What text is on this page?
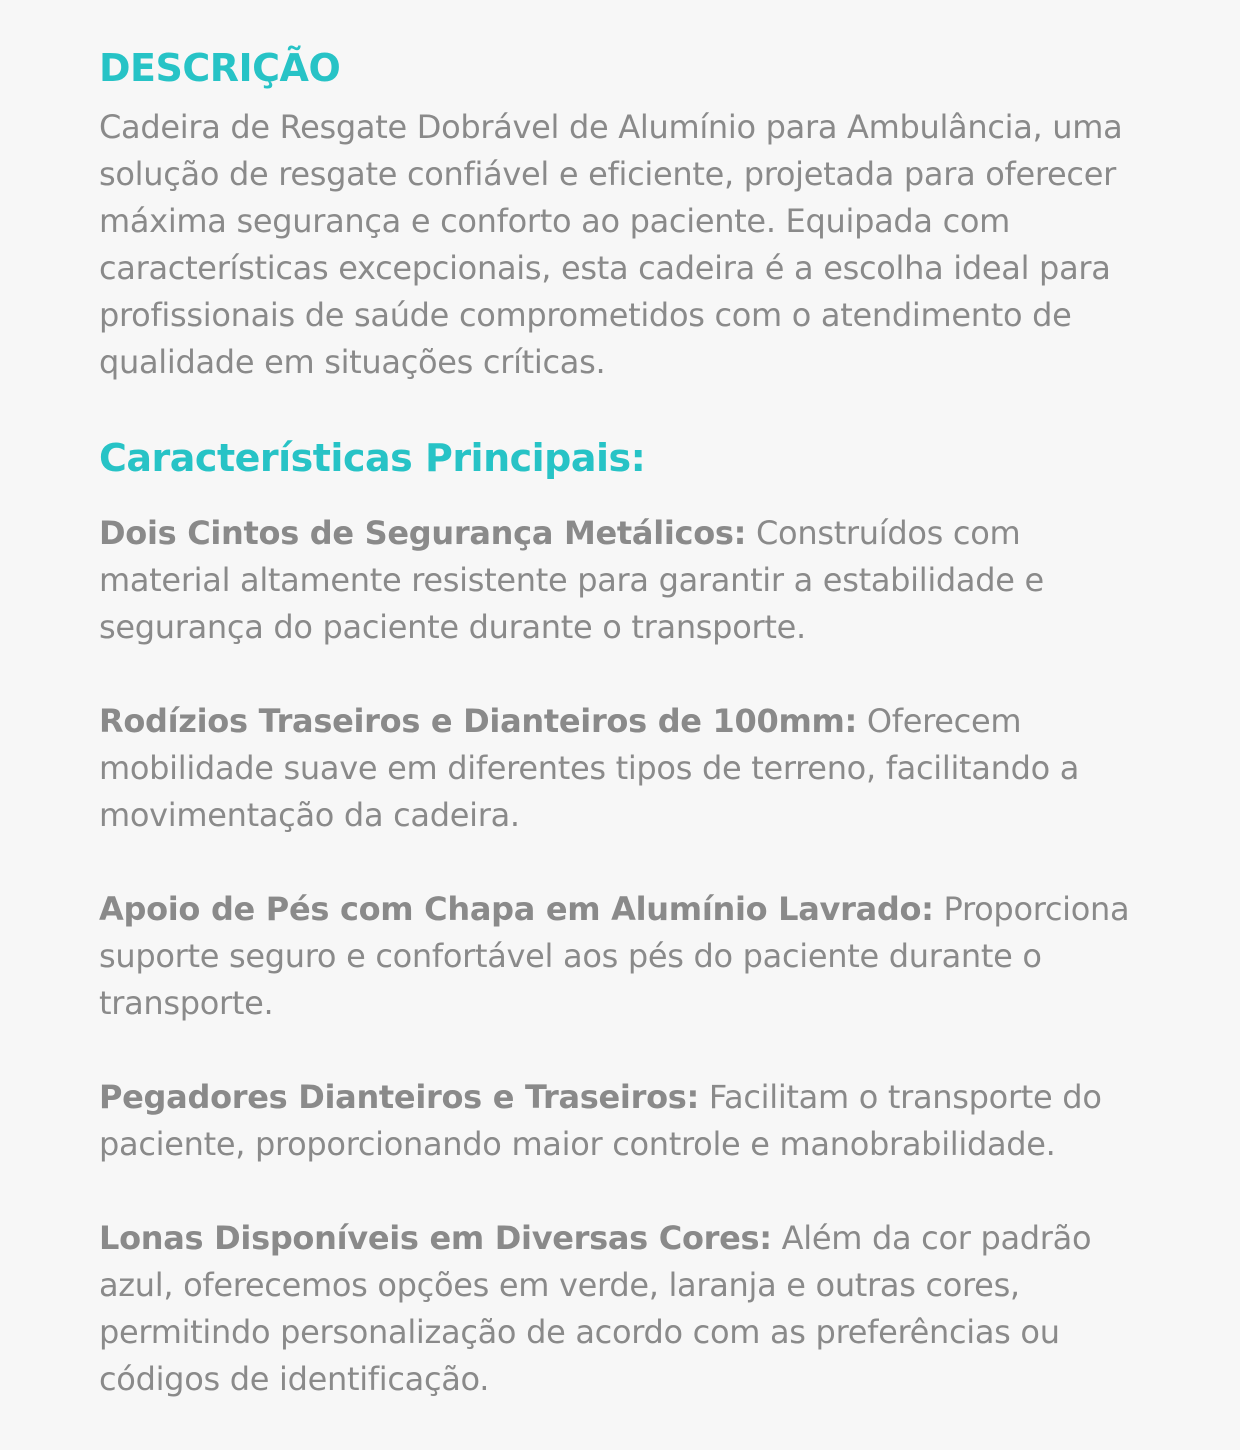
DESCRIÇÃO

Cadeira de Resgate Dobrável de Alumínio para Ambulância, uma solução de resgate confiável e eficiente, projetada para oferecer máxima segurança e conforto ao paciente. Equipada com características excepcionais, esta cadeira é a escolha ideal para profissionais de saúde comprometidos com o atendimento de qualidade em situações críticas.

Características Principais:

Dois Cintos de Segurança Metálicos: Construídos com material altamente resistente para garantir a estabilidade e segurança do paciente durante o transporte.

Rodízios Traseiros e Dianteiros de 100mm: Oferecem mobilidade suave em diferentes tipos de terreno, facilitando a movimentação da cadeira.

Apoio de Pés com Chapa em Alumínio Lavrado: Proporciona suporte seguro e confortável aos pés do paciente durante o transporte.

Pegadores Dianteiros e Traseiros: Facilitam o transporte do paciente, proporcionando maior controle e manobrabilidade.

Lonas Disponíveis em Diversas Cores: Além da cor padrão azul, oferecemos opções em verde, laranja e outras cores, permitindo personalização de acordo com as preferências ou códigos de identificação.
